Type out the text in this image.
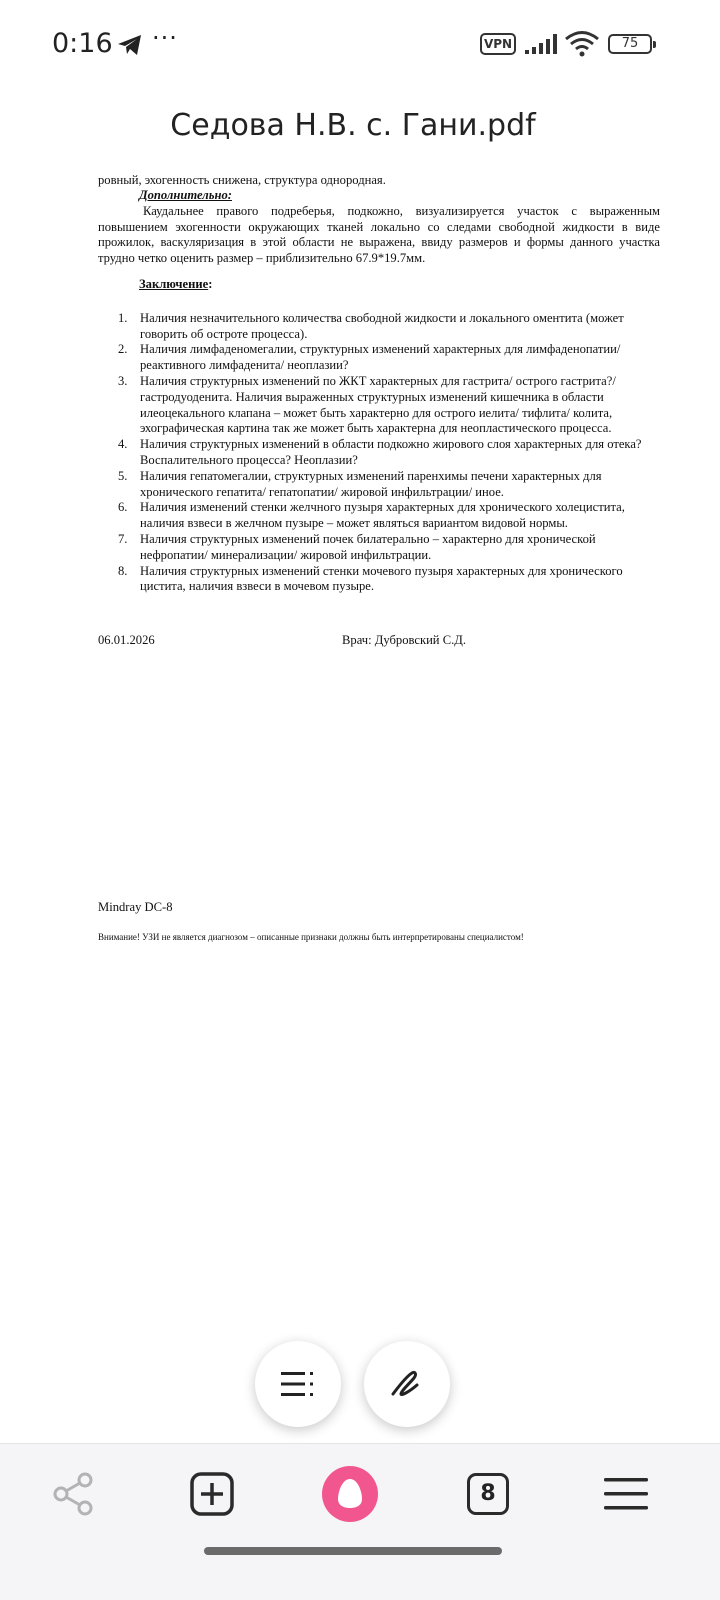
0:16 ···	VPN	75
Седова Н.В. с. Гани.pdf
ровный, эхогенность снижена, структура однородная.
Дополнительно:
Каудальнее правого подреберья, подкожно, визуализируется участок с выраженным повышением эхогенности окружающих тканей локально со следами свободной жидкости в виде прожилок, васкуляризация в этой области не выражена, ввиду размеров и формы данного участка трудно четко оценить размер – приблизительно 67.9*19.7мм.
Заключение:
1. Наличия незначительного количества свободной жидкости и локального оментита (может говорить об остроте процесса).
2. Наличия лимфаденомегалии, структурных изменений характерных для лимфаденопатии/ реактивного лимфаденита/ неоплазии?
3. Наличия структурных изменений по ЖКТ характерных для гастрита/ острого гастрита?/ гастродуоденита. Наличия выраженных структурных изменений кишечника в области илеоцекального клапана – может быть характерно для острого иелита/ тифлита/ колита, эхографическая картина так же может быть характерна для неопластического процесса.
4. Наличия структурных изменений в области подкожно жирового слоя характерных для отека? Воспалительного процесса? Неоплазии?
5. Наличия гепатомегалии, структурных изменений паренхимы печени характерных для хронического гепатита/ гепатопатии/ жировой инфильтрации/ иное.
6. Наличия изменений стенки желчного пузыря характерных для хронического холецистита, наличия взвеси в желчном пузыре – может являться вариантом видовой нормы.
7. Наличия структурных изменений почек билатерально – характерно для хронической нефропатии/ минерализации/ жировой инфильтрации.
8. Наличия структурных изменений стенки мочевого пузыря характерных для хронического цистита, наличия взвеси в мочевом пузыре.
06.01.2026	Врач: Дубровский С.Д.
Mindray DC-8
Внимание! УЗИ не является диагнозом – описанные признаки должны быть интерпретированы специалистом!
8
